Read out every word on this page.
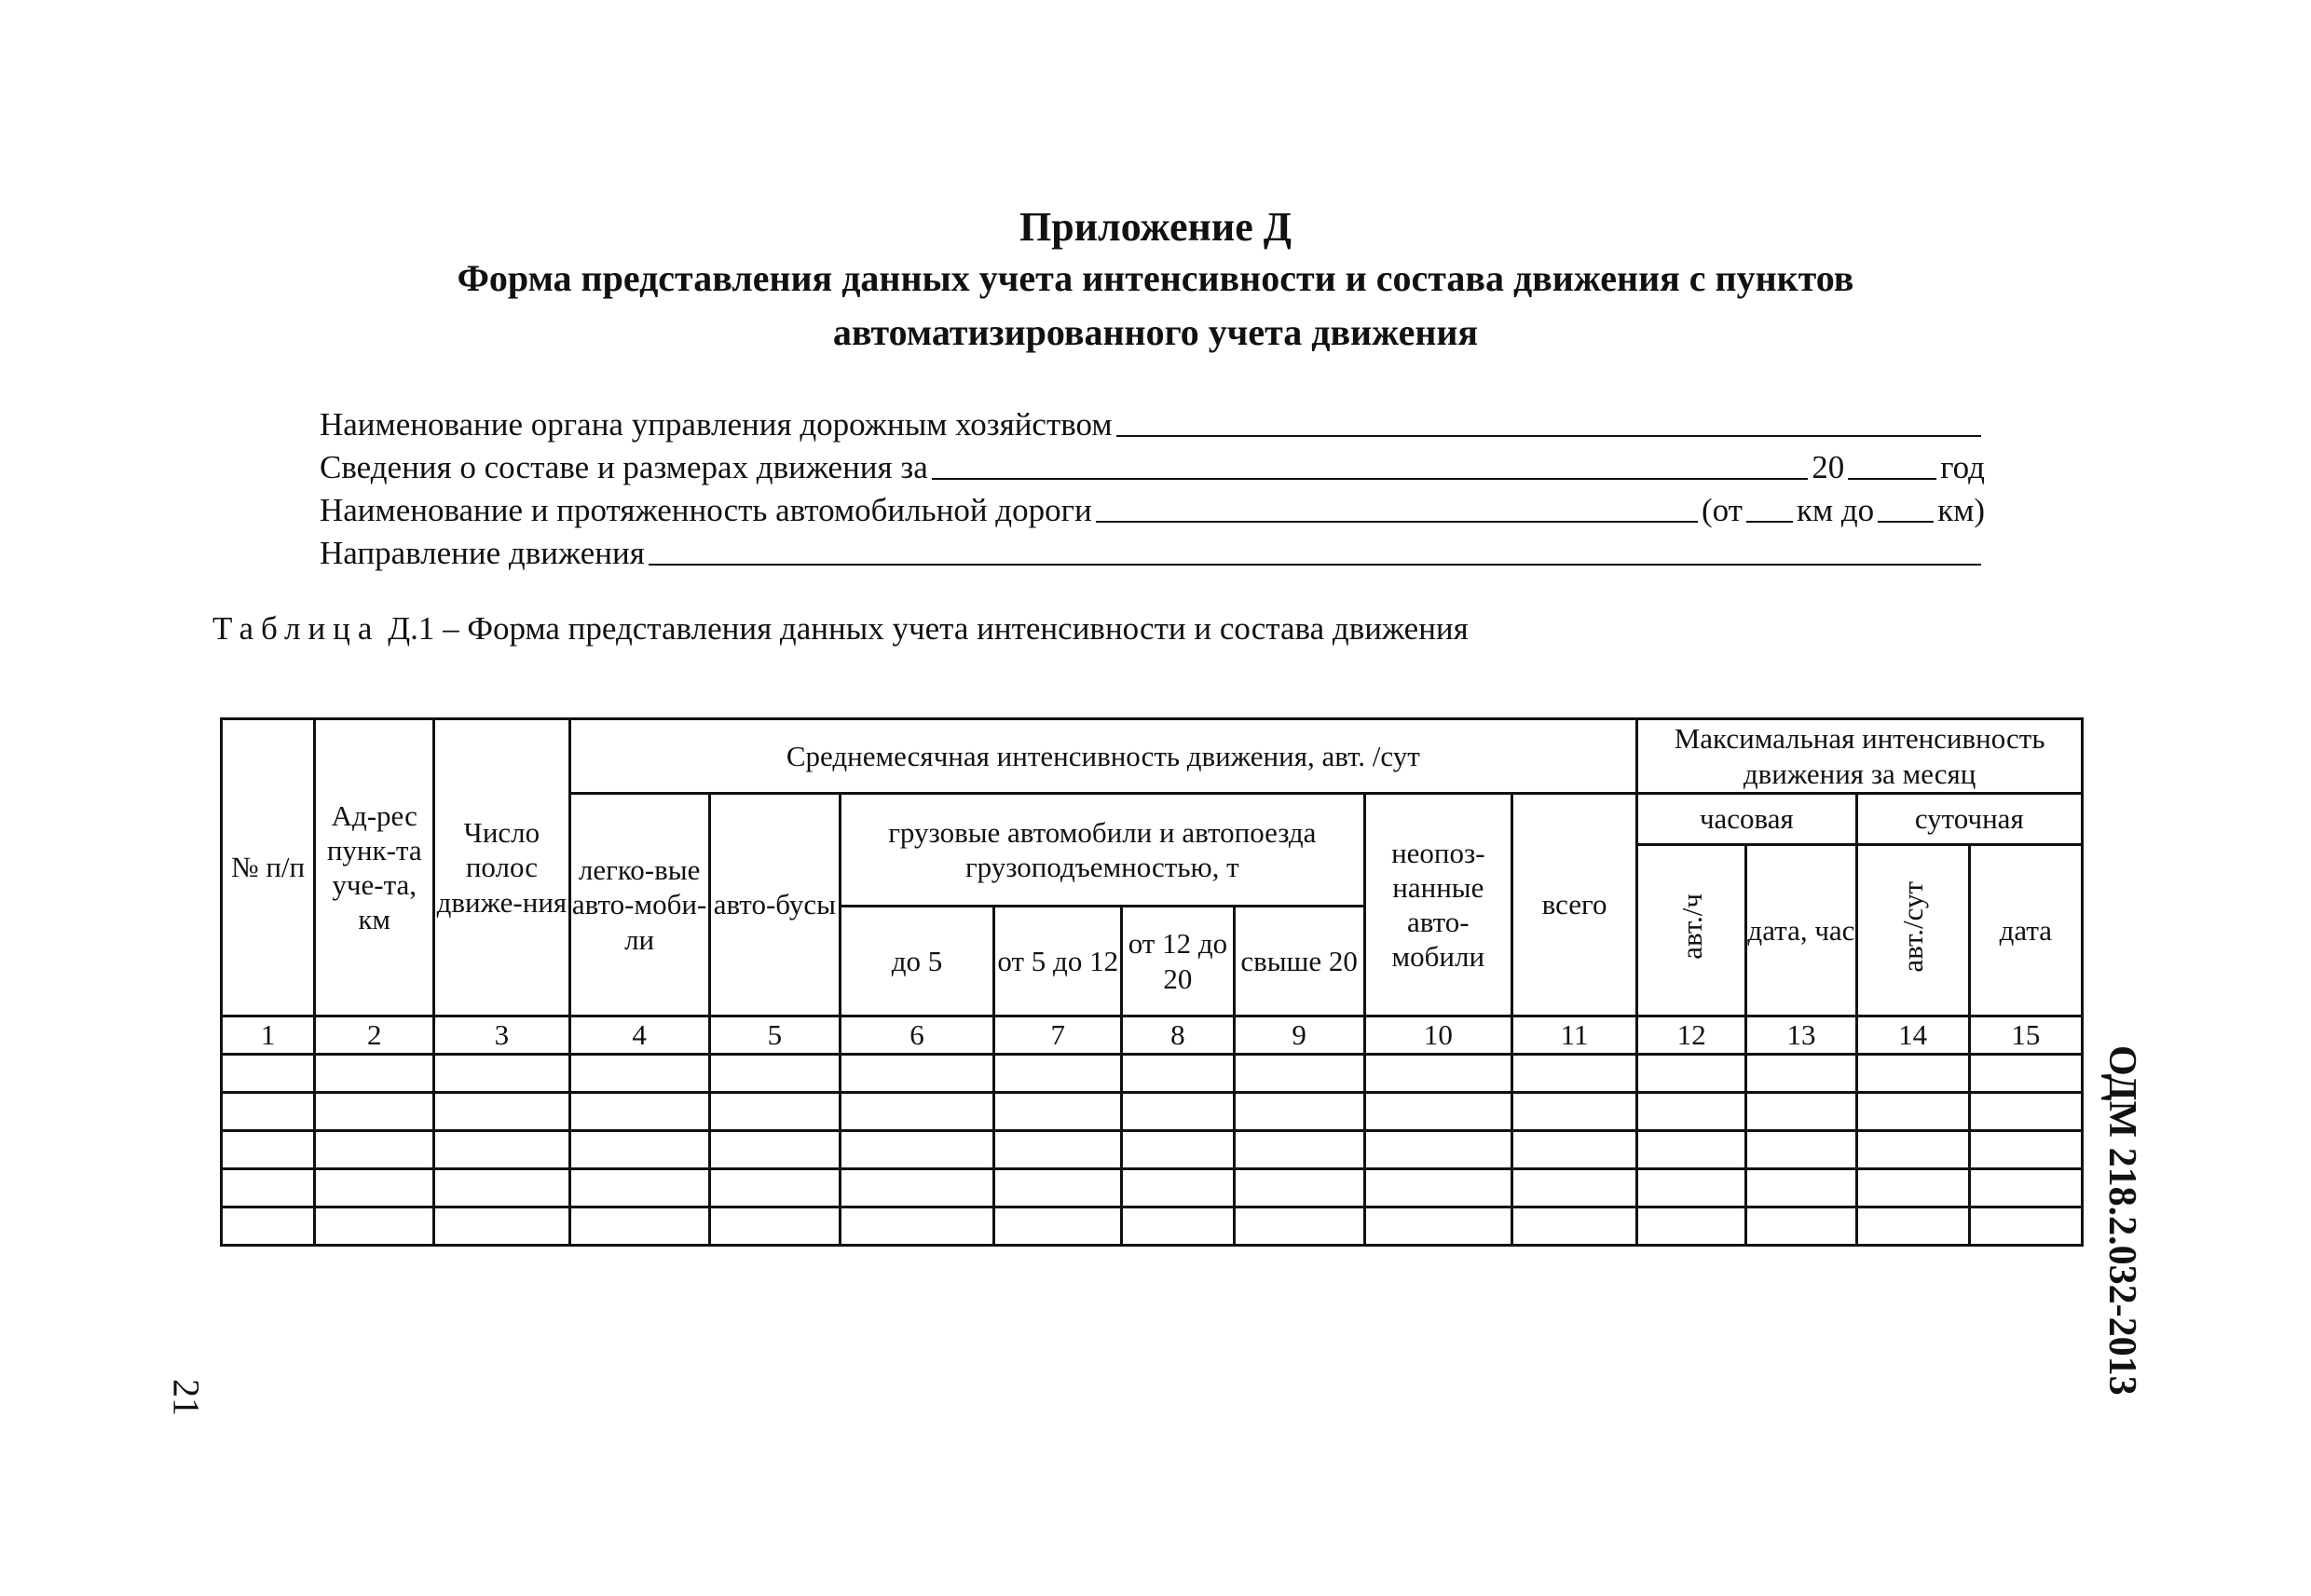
Приложение Д
Форма представления данных учета интенсивности и состава движения с пунктов
автоматизированного учета движения
Наименование органа управления дорожным хозяйством
Сведения о составе и размерах движения за	20	год
Наименование и протяженность автомобильной дороги	(от км до км)
Направление движения
Таблица Д.1 – Форма представления данных учета интенсивности и состава движения
№ п/п	Ад-рес пунк-та уче-та, км	Число полос движе-ния	Среднемесячная интенсивность движения, авт. /сут								Максимальная интенсивность движения за месяц			
			легко-вые авто-моби-ли	авто-бусы	грузовые автомобили и автопоезда грузоподъемностью, т				неопоз-нанные авто-мобили	всего	часовая		суточная	
											авт./ч	дата, час	авт./сут	дата
					до 5	от 5 до 12	от 12 до 20	свыше 20						
1	2	3	4	5	6	7	8	9	10	11	12	13	14	15

ОДМ 218.2.032-2013
21
